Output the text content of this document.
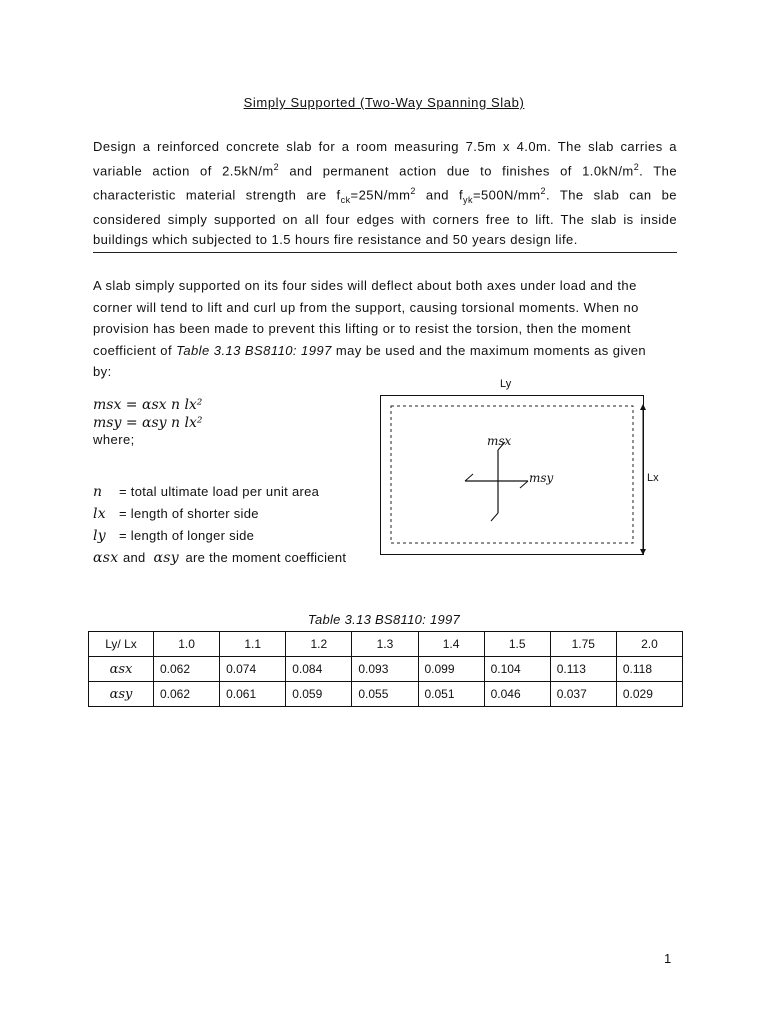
Simply Supported (Two-Way Spanning Slab)
Design a reinforced concrete slab for a room measuring 7.5m x 4.0m. The slab carries a variable action of $2.5kN/m^2$ and permanent action due to finishes of $1.0kN/m^2$. The characteristic material strength are $f_{ck}=25N/mm^2$ and $f_{yk}=500N/mm^2$. The slab can be considered simply supported on all four edges with corners free to lift. The slab is inside buildings which subjected to 1.5 hours fire resistance and 50 years design life.
A slab simply supported on its four sides will deflect about both axes under load and the
corner will tend to lift and curl up from the support, causing torsional moments. When no
provision has been made to prevent this lifting or to resist the torsion, then the moment
coefficient of Table 3.13 BS8110: 1997 may be used and the maximum moments as given
by:
msx = αsx n lx²
msy = αsy n lx²
where;
n = total ultimate load per unit area
lx = length of shorter side
ly = length of longer side
αsx and αsy are the moment coefficient
Ly
msx
msy	Lx
Table 3.13 BS8110: 1997
Ly/ Lx	1.0	1.1	1.2	1.3	1.4	1.5	1.75	2.0
αsx	0.062	0.074	0.084	0.093	0.099	0.104	0.113	0.118
αsy	0.062	0.061	0.059	0.055	0.051	0.046	0.037	0.029
1
